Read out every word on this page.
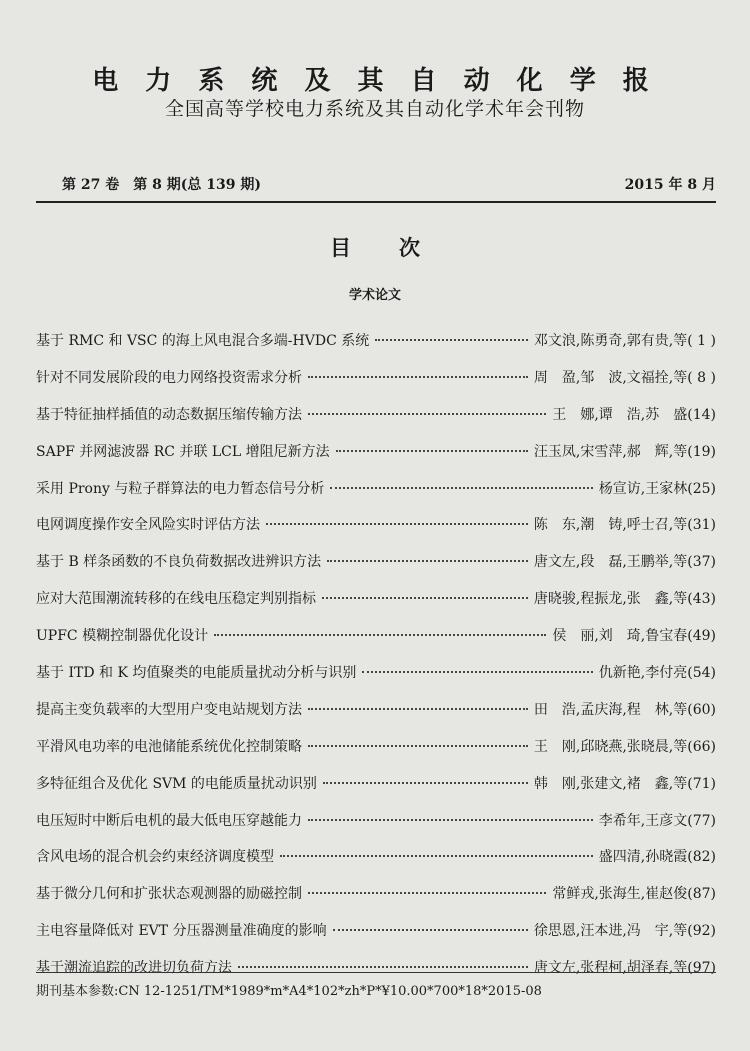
电 力 系 统 及 其 自 动 化 学 报
全国高等学校电力系统及其自动化学术年会刊物
第 27 卷　第 8 期(总 139 期)	2015 年 8 月
目次
学术论文
基于 RMC 和 VSC 的海上风电混合多端-HVDC 系统	邓文浪,陈勇奇,郭有贵,等 ( 1 )
针对不同发展阶段的电力网络投资需求分析	周　盈,邹　波,文福拴,等 ( 8 )
基于特征抽样插值的动态数据压缩传输方法	王　娜,谭　浩,苏　盛 (14)
SAPF 并网滤波器 RC 并联 LCL 增阻尼新方法	汪玉凤,宋雪萍,郝　辉,等 (19)
采用 Prony 与粒子群算法的电力暂态信号分析	杨宣访,王家林 (25)
电网调度操作安全风险实时评估方法	陈　东,潮　铸,呼士召,等 (31)
基于 B 样条函数的不良负荷数据改进辨识方法	唐文左,段　磊,王鹏举,等 (37)
应对大范围潮流转移的在线电压稳定判别指标	唐晓骏,程振龙,张　鑫,等 (43)
UPFC 模糊控制器优化设计	侯　丽,刘　琦,鲁宝春 (49)
基于 ITD 和 K 均值聚类的电能质量扰动分析与识别	仇新艳,李付亮 (54)
提高主变负载率的大型用户变电站规划方法	田　浩,孟庆海,程　林,等 (60)
平滑风电功率的电池储能系统优化控制策略	王　刚,邱晓燕,张晓晨,等 (66)
多特征组合及优化 SVM 的电能质量扰动识别	韩　刚,张建文,褚　鑫,等 (71)
电压短时中断后电机的最大低电压穿越能力	李希年,王彦文 (77)
含风电场的混合机会约束经济调度模型	盛四清,孙晓霞 (82)
基于微分几何和扩张状态观测器的励磁控制	常鲜戎,张海生,崔赵俊 (87)
主电容量降低对 EVT 分压器测量准确度的影响	徐思恩,汪本进,冯　宇,等 (92)
基于潮流追踪的改进切负荷方法	唐文左,张程柯,胡泽春,等 (97)
期刊基本参数:CN 12-1251/TM*1989*m*A4*102*zh*P*¥10.00*700*18*2015-08
